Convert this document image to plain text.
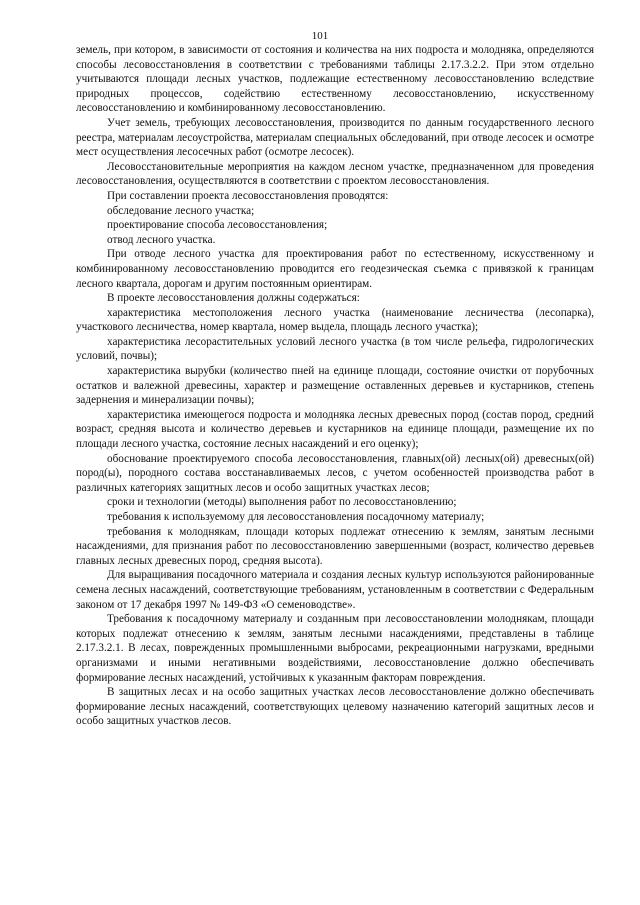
101

земель, при котором, в зависимости от состояния и количества на них подроста и молодняка, определяются способы лесовосстановления в соответствии с требованиями таблицы 2.17.3.2.2. При этом отдельно учитываются площади лесных участков, подлежащие естественному лесовосстановлению вследствие природных процессов, содействию естественному лесовосстановлению, искусственному лесовосстановлению и комбинированному лесовосстановлению.

Учет земель, требующих лесовосстановления, производится по данным государственного лесного реестра, материалам лесоустройства, материалам специальных обследований, при отводе лесосек и осмотре мест осуществления лесосечных работ (осмотре лесосек).

Лесовосстановительные мероприятия на каждом лесном участке, предназначенном для проведения лесовосстановления, осуществляются в соответствии с проектом лесовосстановления.

При составлении проекта лесовосстановления проводятся:

обследование лесного участка;

проектирование способа лесовосстановления;

отвод лесного участка.

При отводе лесного участка для проектирования работ по естественному, искусственному и комбинированному лесовосстановлению проводится его геодезическая съемка с привязкой к границам лесного квартала, дорогам и другим постоянным ориентирам.

В проекте лесовосстановления должны содержаться:

характеристика местоположения лесного участка (наименование лесничества (лесопарка), участкового лесничества, номер квартала, номер выдела, площадь лесного участка);

характеристика лесорастительных условий лесного участка (в том числе рельефа, гидрологических условий, почвы);

характеристика вырубки (количество пней на единице площади, состояние очистки от порубочных остатков и валежной древесины, характер и размещение оставленных деревьев и кустарников, степень задернения и минерализации почвы);

характеристика имеющегося подроста и молодняка лесных древесных пород (состав пород, средний возраст, средняя высота и количество деревьев и кустарников на единице площади, размещение их по площади лесного участка, состояние лесных насаждений и его оценку);

обоснование проектируемого способа лесовосстановления, главных(ой) лесных(ой) древесных(ой) пород(ы), породного состава восстанавливаемых лесов, с учетом особенностей производства работ в различных категориях защитных лесов и особо защитных участках лесов;

сроки и технологии (методы) выполнения работ по лесовосстановлению;

требования к используемому для лесовосстановления посадочному материалу;

требования к молоднякам, площади которых подлежат отнесению к землям, занятым лесными насаждениями, для признания работ по лесовосстановлению завершенными (возраст, количество деревьев главных лесных древесных пород, средняя высота).

Для выращивания посадочного материала и создания лесных культур используются районированные семена лесных насаждений, соответствующие требованиям, установленным в соответствии с Федеральным законом от 17 декабря 1997 № 149-ФЗ «О семеноводстве».

Требования к посадочному материалу и созданным при лесовосстановлении молоднякам, площади которых подлежат отнесению к землям, занятым лесными насаждениями, представлены в таблице 2.17.3.2.1. В лесах, поврежденных промышленными выбросами, рекреационными нагрузками, вредными организмами и иными негативными воздействиями, лесовосстановление должно обеспечивать формирование лесных насаждений, устойчивых к указанным факторам повреждения.

В защитных лесах и на особо защитных участках лесов лесовосстановление должно обеспечивать формирование лесных насаждений, соответствующих целевому назначению категорий защитных лесов и особо защитных участков лесов.
